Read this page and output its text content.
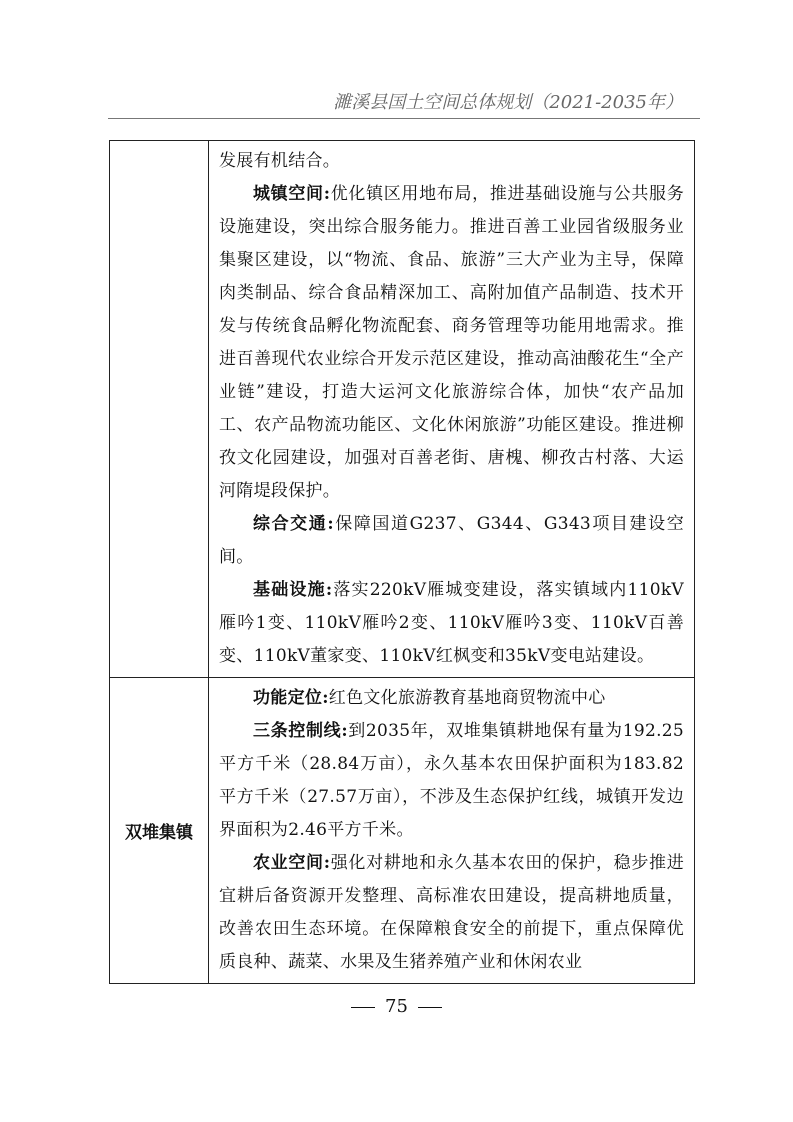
濉溪县国土空间总体规划（2021-2035年）

	发展有机结合。

城镇空间:优化镇区用地布局，推进基础设施与公共服务设施建设，突出综合服务能力。推进百善工业园省级服务业集聚区建设，以“物流、食品、旅游”三大产业为主导，保障肉类制品、综合食品精深加工、高附加值产品制造、技术开发与传统食品孵化物流配套、商务管理等功能用地需求。推进百善现代农业综合开发示范区建设，推动高油酸花生“全产业链”建设，打造大运河文化旅游综合体，加快“农产品加工、农产品物流功能区、文化休闲旅游”功能区建设。推进柳孜文化园建设，加强对百善老街、唐槐、柳孜古村落、大运河隋堤段保护。

综合交通:保障国道G237、G344、G343项目建设空间。

基础设施:落实220kV雁城变建设，落实镇域内110kV雁吟1变、110kV雁吟2变、110kV雁吟3变、110kV百善变、110kV董家变、110kV红枫变和35kV变电站建设。

双堆集镇	功能定位:红色文化旅游教育基地商贸物流中心

三条控制线:到2035年，双堆集镇耕地保有量为192.25平方千米（28.84万亩），永久基本农田保护面积为183.82平方千米（27.57万亩），不涉及生态保护红线，城镇开发边界面积为2.46平方千米。

农业空间:强化对耕地和永久基本农田的保护，稳步推进宜耕后备资源开发整理、高标准农田建设，提高耕地质量，改善农田生态环境。在保障粮食安全的前提下，重点保障优质良种、蔬菜、水果及生猪养殖产业和休闲农业

75
